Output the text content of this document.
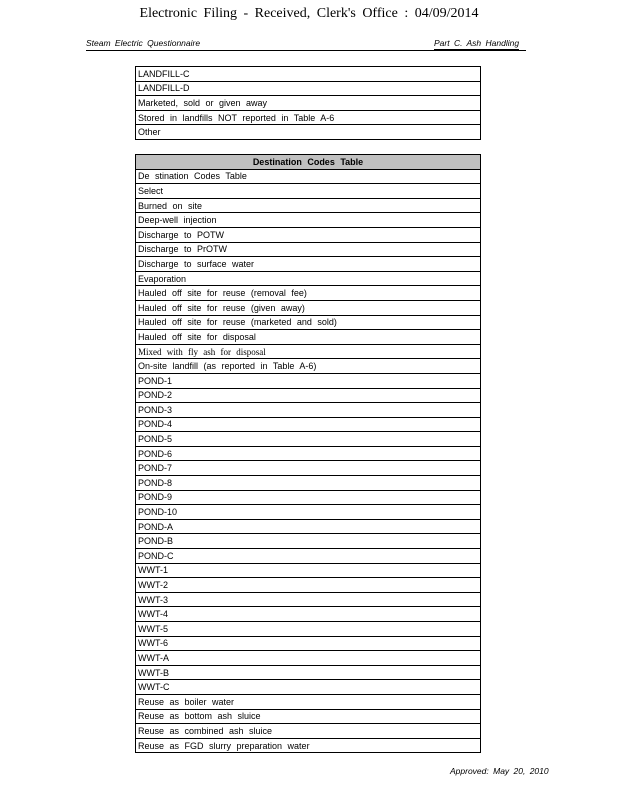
Electronic Filing - Received, Clerk's Office : 04/09/2014
Steam Electric Questionnaire	Part C. Ash Handling
LANDFILL-C
LANDFILL-D
Marketed, sold or given away
Stored in landfills NOT reported in Table A-6
Other
Destination Codes Table
De stination Codes Table
Select
Burned on site
Deep-well injection
Discharge to POTW
Discharge to PrOTW
Discharge to surface water
Evaporation
Hauled off site for reuse (removal fee)
Hauled off site for reuse (given away)
Hauled off site for reuse (marketed and sold)
Hauled off site for disposal
Mixed with fly ash for disposal
On-site landfill (as reported in Table A-6)
POND-1
POND-2
POND-3
POND-4
POND-5
POND-6
POND-7
POND-8
POND-9
POND-10
POND-A
POND-B
POND-C
WWT-1
WWT-2
WWT-3
WWT-4
WWT-5
WWT-6
WWT-A
WWT-B
WWT-C
Reuse as boiler water
Reuse as bottom ash sluice
Reuse as combined ash sluice
Reuse as FGD slurry preparation water
Approved: May 20, 2010
